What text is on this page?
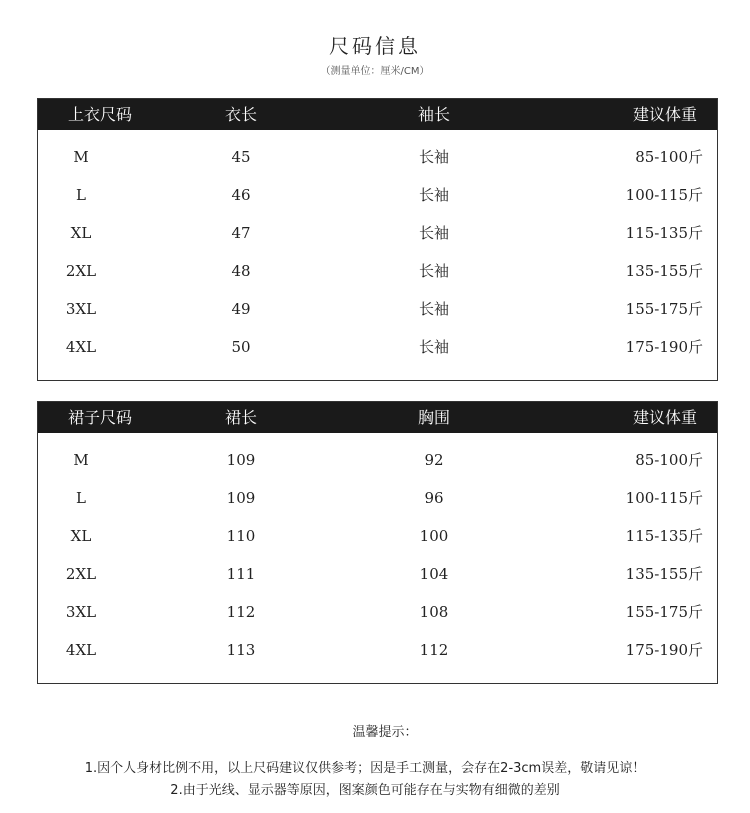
尺码信息
（测量单位：厘米/CM）
上衣尺码	衣长	袖长	建议体重
M	45	长袖	85-100斤
L	46	长袖	100-115斤
XL	47	长袖	115-135斤
2XL	48	长袖	135-155斤
3XL	49	长袖	155-175斤
4XL	50	长袖	175-190斤
裙子尺码	裙长	胸围	建议体重
M	109	92	85-100斤
L	109	96	100-115斤
XL	110	100	115-135斤
2XL	111	104	135-155斤
3XL	112	108	155-175斤
4XL	113	112	175-190斤
温馨提示：
1.因个人身材比例不用，以上尺码建议仅供参考；因是手工测量，会存在2-3cm误差，敬请见谅！
2.由于光线、显示器等原因，图案颜色可能存在与实物有细微的差别
